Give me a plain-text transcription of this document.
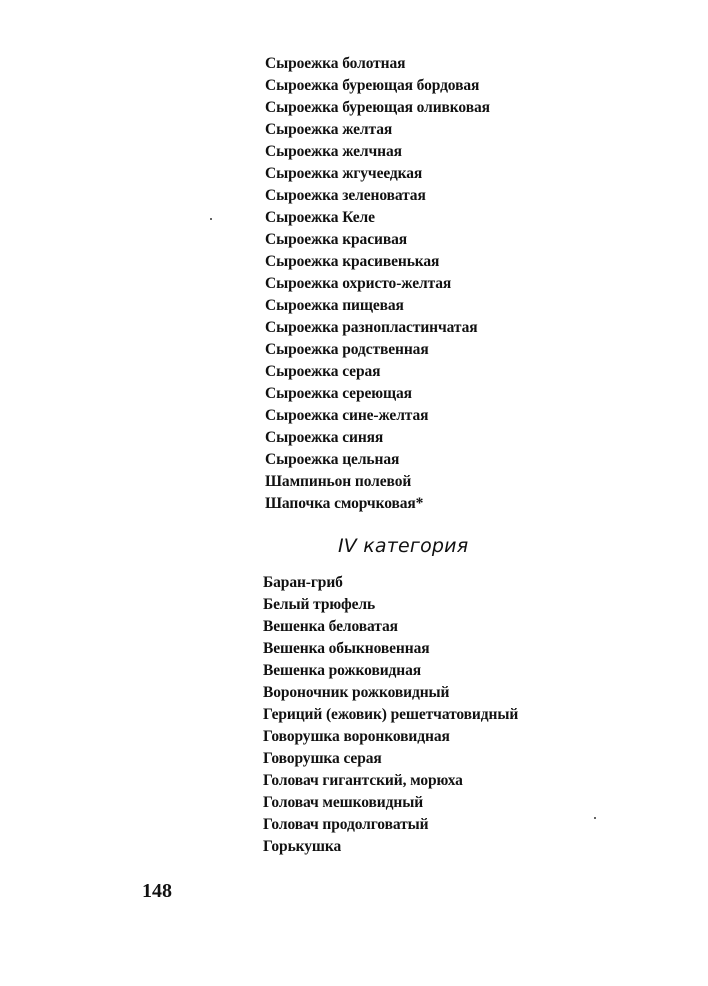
Сыроежка болотная
Сыроежка буреющая бордовая
Сыроежка буреющая оливковая
Сыроежка желтая
Сыроежка желчная
Сыроежка жгучеедкая
Сыроежка зеленоватая
Сыроежка Келе
Сыроежка красивая
Сыроежка красивенькая
Сыроежка охристо-желтая
Сыроежка пищевая
Сыроежка разнопластинчатая
Сыроежка родственная
Сыроежка серая
Сыроежка сереющая
Сыроежка сине-желтая
Сыроежка синяя
Сыроежка цельная
Шампиньон полевой
Шапочка сморчковая*
IV категория
Баран-гриб
Белый трюфель
Вешенка беловатая
Вешенка обыкновенная
Вешенка рожковидная
Вороночник рожковидный
Гериций (ежовик) решетчатовидный
Говорушка воронковидная
Говорушка серая
Головач гигантский, морюха
Головач мешковидный
Головач продолговатый
Горькушка
148
